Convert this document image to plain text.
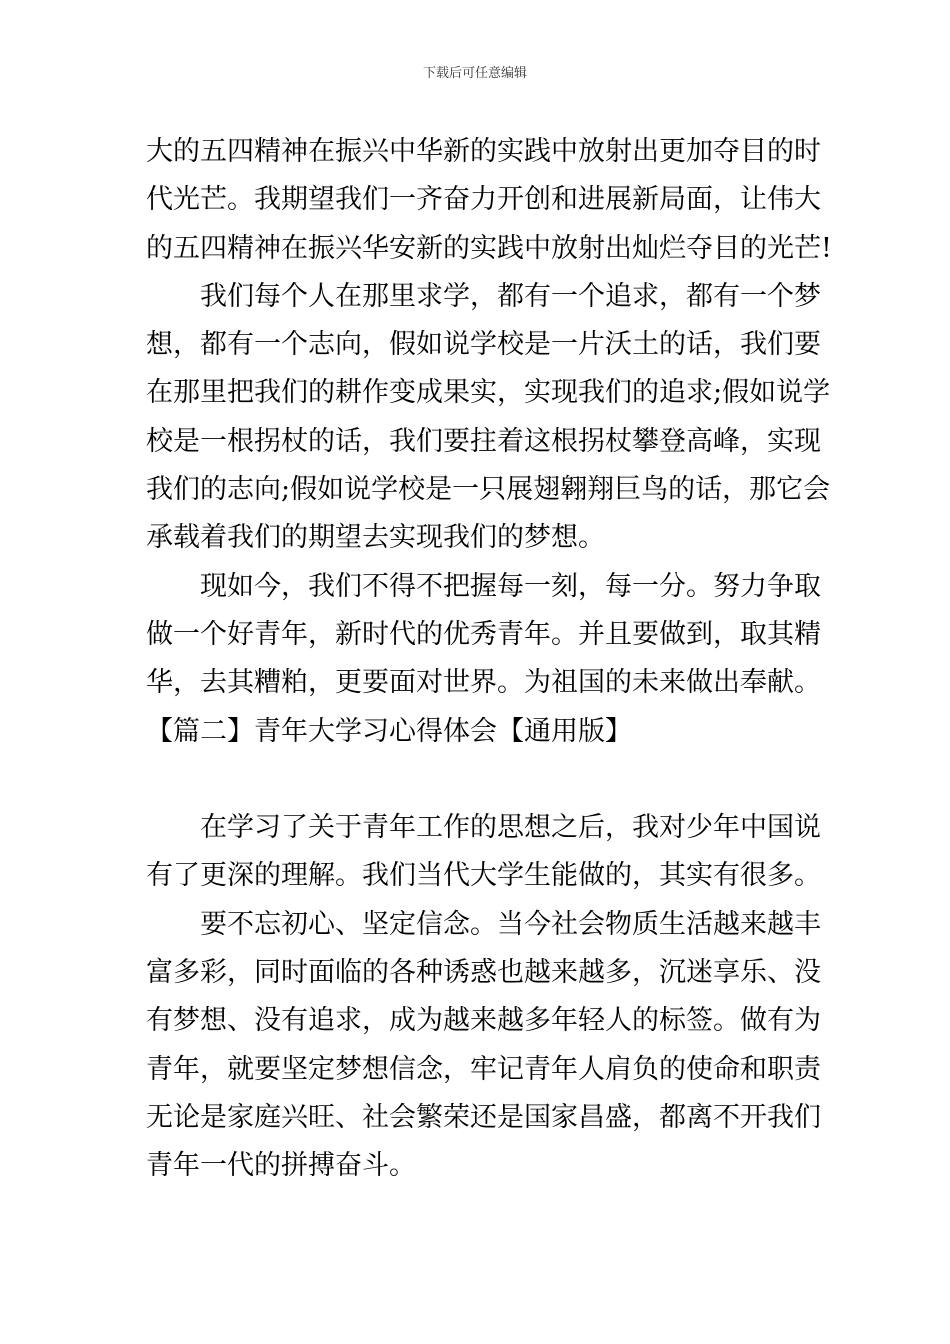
下载后可任意编辑
大的五四精神在振兴中华新的实践中放射出更加夺目的时
代光芒。我期望我们一齐奋力开创和进展新局面，让伟大
的五四精神在振兴华安新的实践中放射出灿烂夺目的光芒!
我们每个人在那里求学，都有一个追求，都有一个梦
想，都有一个志向，假如说学校是一片沃土的话，我们要
在那里把我们的耕作变成果实，实现我们的追求;假如说学
校是一根拐杖的话，我们要拄着这根拐杖攀登高峰，实现
我们的志向;假如说学校是一只展翅翱翔巨鸟的话，那它会
承载着我们的期望去实现我们的梦想。
现如今，我们不得不把握每一刻，每一分。努力争取
做一个好青年，新时代的优秀青年。并且要做到，取其精
华，去其糟粕，更要面对世界。为祖国的未来做出奉献。
【篇二】青年大学习心得体会【通用版】
在学习了关于青年工作的思想之后，我对少年中国说
有了更深的理解。我们当代大学生能做的，其实有很多。
要不忘初心、坚定信念。当今社会物质生活越来越丰
富多彩，同时面临的各种诱惑也越来越多，沉迷享乐、没
有梦想、没有追求，成为越来越多年轻人的标签。做有为
青年，就要坚定梦想信念，牢记青年人肩负的使命和职责
无论是家庭兴旺、社会繁荣还是国家昌盛，都离不开我们
青年一代的拼搏奋斗。
